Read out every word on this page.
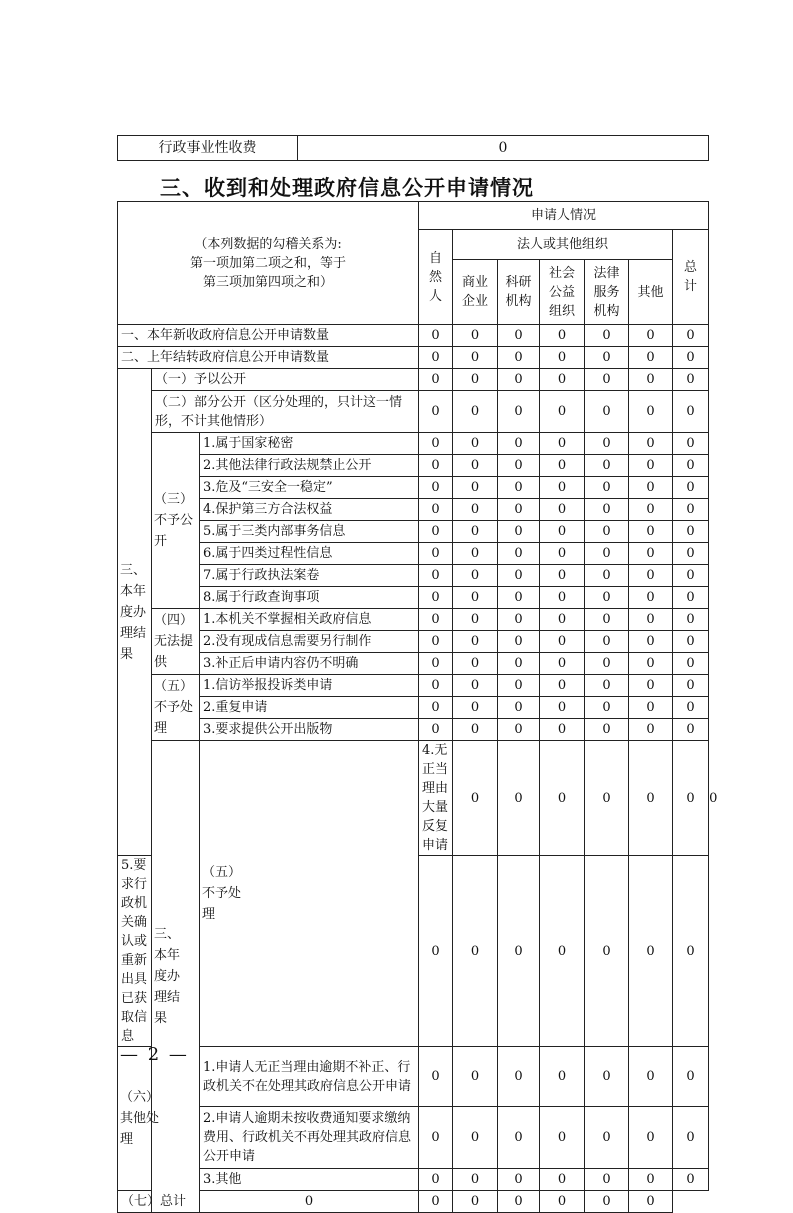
行政事业性收费	0
三、收到和处理政府信息公开申请情况
（本列数据的勾稽关系为:
第一项加第二项之和，等于
第三项加第四项之和）			申请人情况							

			自然人	法人或其他组织					总计	

				商业企业	科研机构	社会公益组织	法律服务机构	其他		
一、本年新收政府信息公开申请数量			0	0	0	0	0	0	0	
二、上年结转政府信息公开申请数量			0	0	0	0	0	0	0	

三、本年度办理结果	（一）予以公开		0	0	0	0	0	0	0	
	（二）部分公开（区分处理的，只计这一情形，不计其他情形）		0	0	0	0	0	0	0	

	（三）不予公开	1.属于国家秘密	0	0	0	0	0	0	0	
		2.其他法律行政法规禁止公开	0	0	0	0	0	0	0	
		3.危及“三安全一稳定”	0	0	0	0	0	0	0	
		4.保护第三方合法权益	0	0	0	0	0	0	0	
		5.属于三类内部事务信息	0	0	0	0	0	0	0	
		6.属于四类过程性信息	0	0	0	0	0	0	0	
		7.属于行政执法案卷	0	0	0	0	0	0	0	
		8.属于行政查询事项	0	0	0	0	0	0	0	

	（四）无法提供	1.本机关不掌握相关政府信息	0	0	0	0	0	0	0	
		2.没有现成信息需要另行制作	0	0	0	0	0	0	0	
		3.补正后申请内容仍不明确	0	0	0	0	0	0	0	

	（五）不予处理	1.信访举报投诉类申请	0	0	0	0	0	0	0	
		2.重复申请	0	0	0	0	0	0	0	
		3.要求提供公开出版物	0	0	0	0	0	0	0	

	三、本年度办理结果	（五）不予处理	4.无正当理由大量反复申请	0	0	0	0	0	0	0
5.要求行政机关确认或重新出具已获取信息			0	0	0	0	0	0	0	

（六）其他处理		1.申请人无正当理由逾期不补正、行政机关不在处理其政府信息公开申请	0	0	0	0	0	0	0	
		2.申请人逾期未按收费通知要求缴纳费用、行政机关不再处理其政府信息公开申请	0	0	0	0	0	0	0	
		3.其他	0	0	0	0	0	0	0	
（七）总计		0	0	0	0	0	0	0		
— 2 —
